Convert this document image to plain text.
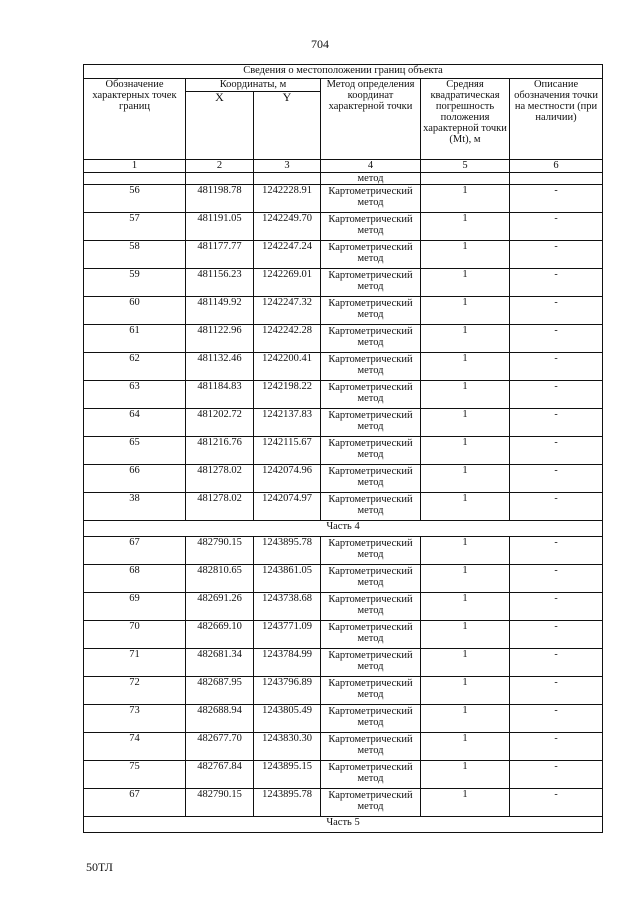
704
Сведения о местоположении границ объекта					
Обозначение характерных точек границ	Координаты, м		Метод определения координат характерной точки	Средняя квадратическая погрешность положения характерной точки (Mt), м	Описание обозначения точки на местности (при наличии)
	X	Y			
1	2	3	4	5	6
			метод		
56	481198.78	1242228.91	Картометрический метод	1	-
57	481191.05	1242249.70	Картометрический метод	1	-
58	481177.77	1242247.24	Картометрический метод	1	-
59	481156.23	1242269.01	Картометрический метод	1	-
60	481149.92	1242247.32	Картометрический метод	1	-
61	481122.96	1242242.28	Картометрический метод	1	-
62	481132.46	1242200.41	Картометрический метод	1	-
63	481184.83	1242198.22	Картометрический метод	1	-
64	481202.72	1242137.83	Картометрический метод	1	-
65	481216.76	1242115.67	Картометрический метод	1	-
66	481278.02	1242074.96	Картометрический метод	1	-
38	481278.02	1242074.97	Картометрический метод	1	-
Часть 4					
67	482790.15	1243895.78	Картометрический метод	1	-
68	482810.65	1243861.05	Картометрический метод	1	-
69	482691.26	1243738.68	Картометрический метод	1	-
70	482669.10	1243771.09	Картометрический метод	1	-
71	482681.34	1243784.99	Картометрический метод	1	-
72	482687.95	1243796.89	Картометрический метод	1	-
73	482688.94	1243805.49	Картометрический метод	1	-
74	482677.70	1243830.30	Картометрический метод	1	-
75	482767.84	1243895.15	Картометрический метод	1	-
67	482790.15	1243895.78	Картометрический метод	1	-
Часть 5					
50ТЛ
